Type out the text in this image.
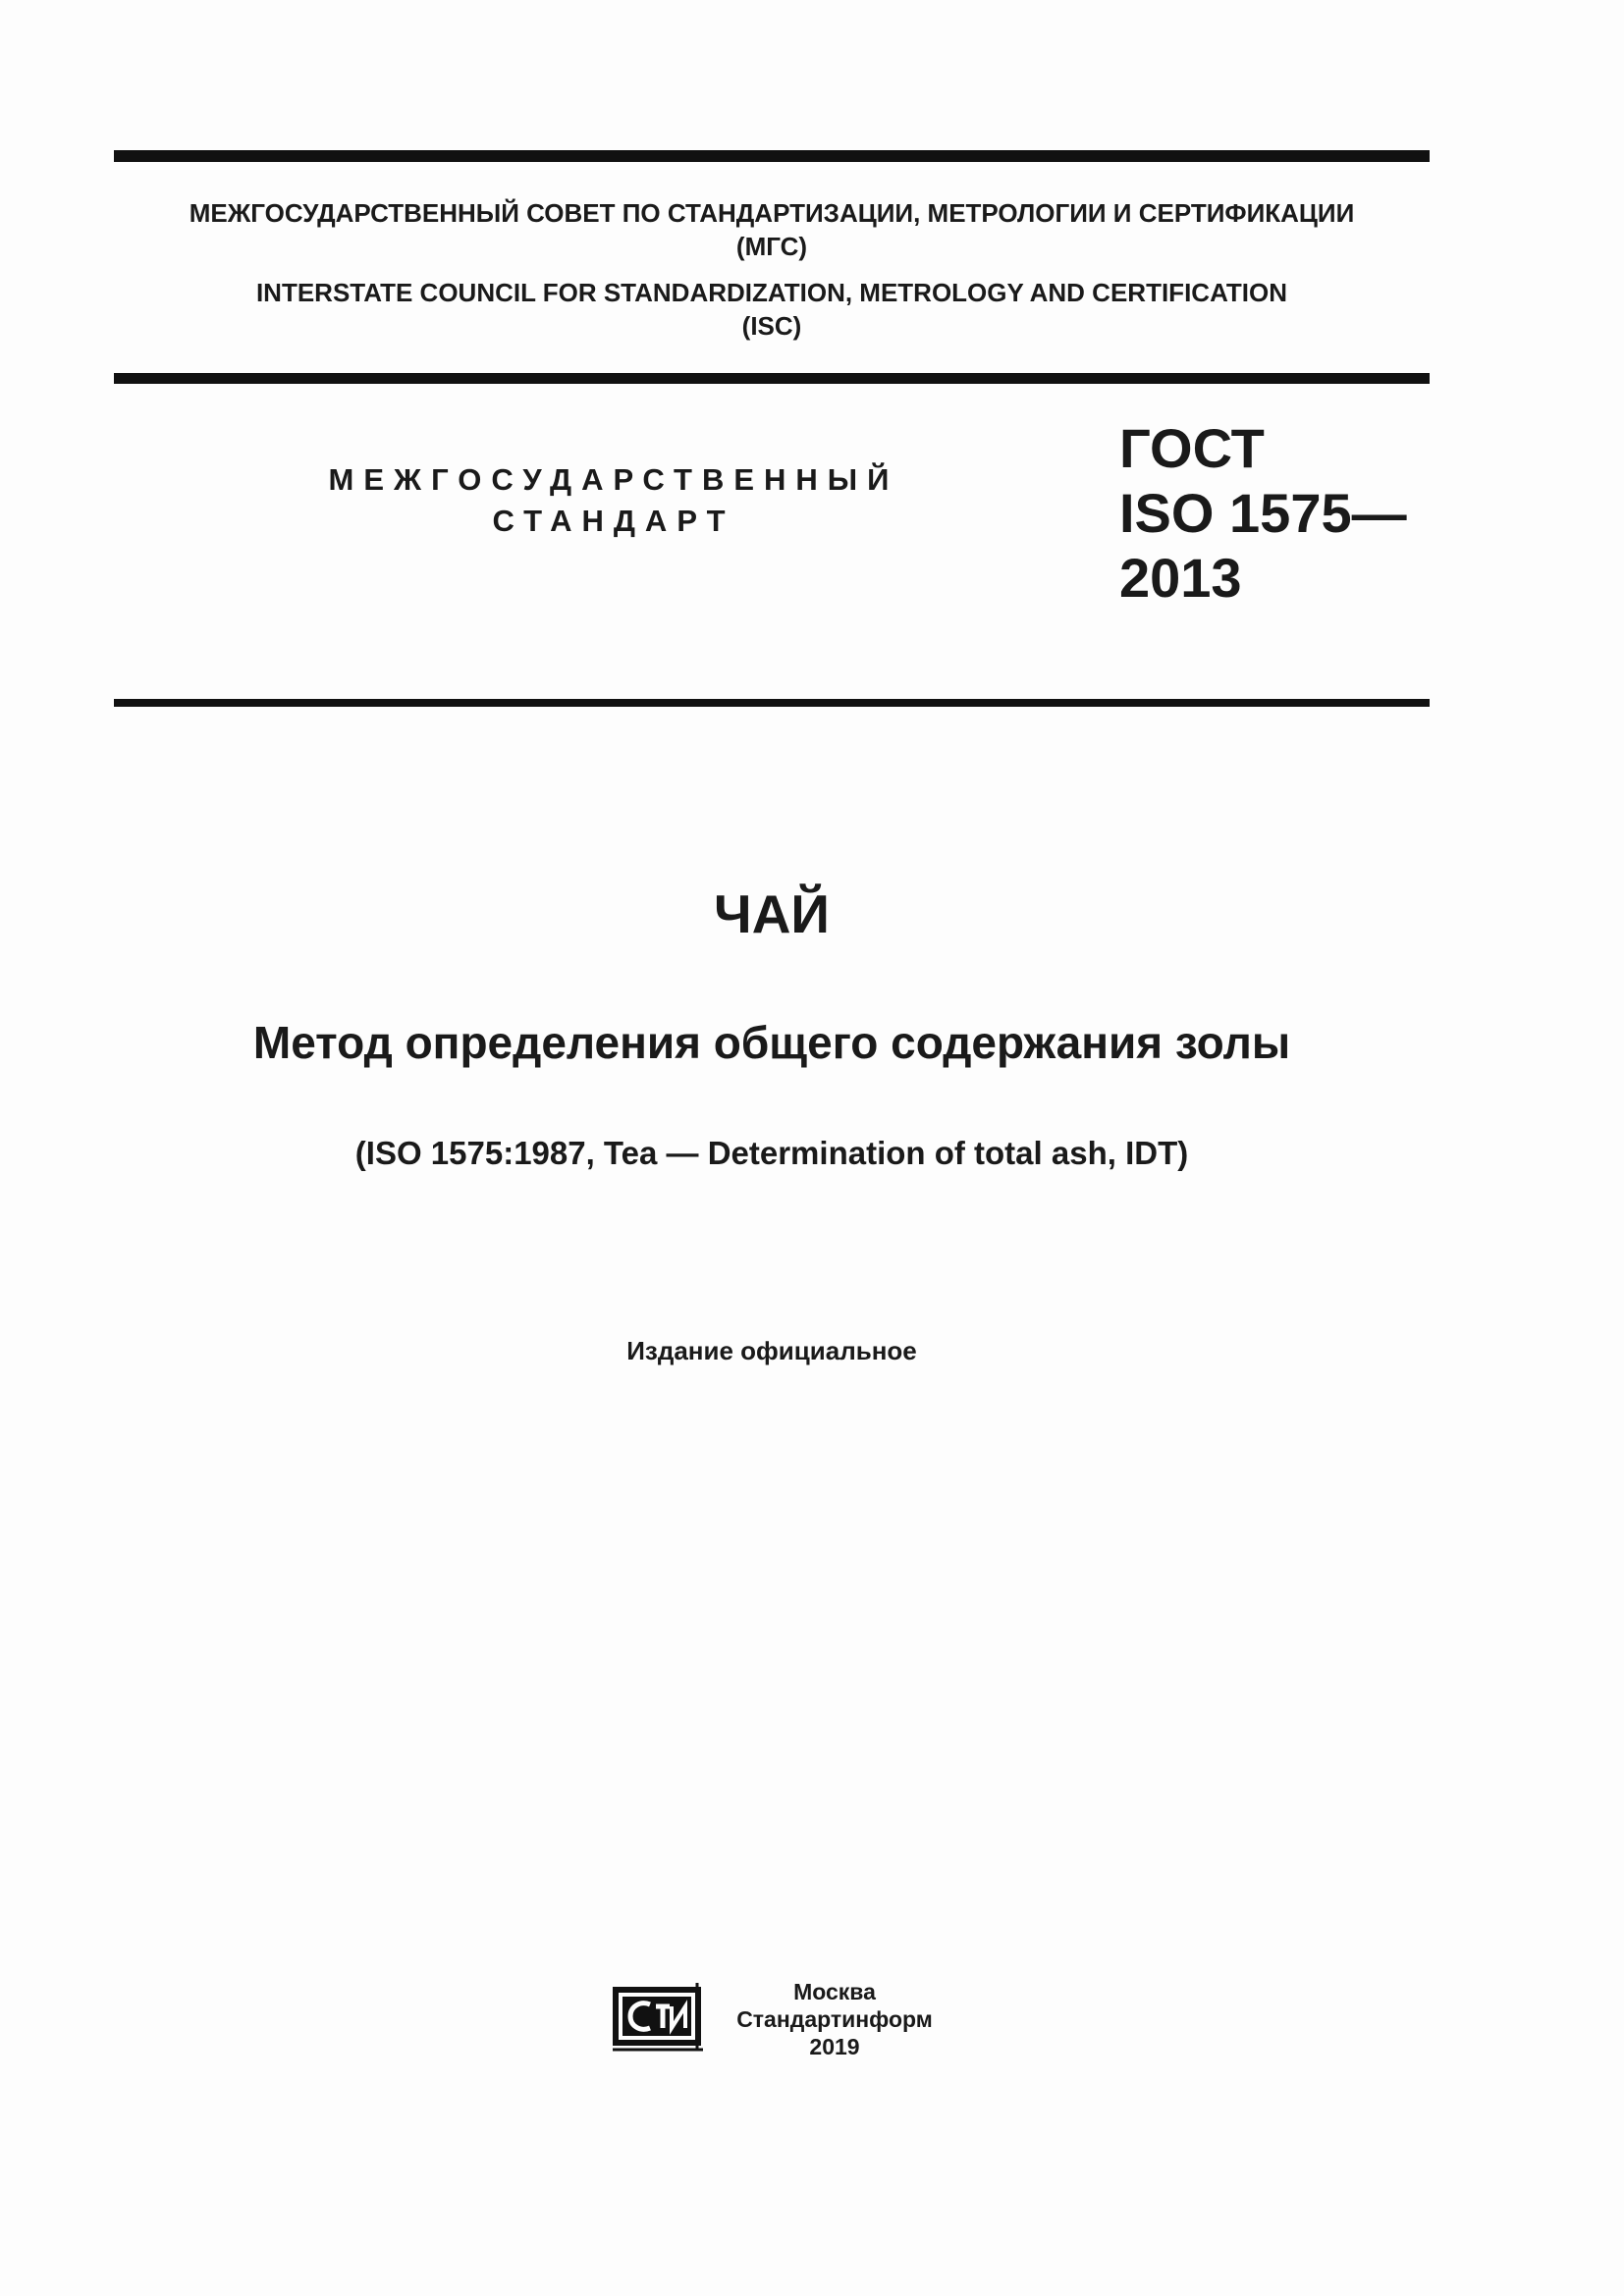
МЕЖГОСУДАРСТВЕННЫЙ СОВЕТ ПО СТАНДАРТИЗАЦИИ, МЕТРОЛОГИИ И СЕРТИФИКАЦИИ
(МГС)
INTERSTATE COUNCIL FOR STANDARDIZATION, METROLOGY AND CERTIFICATION
(ISC)
МЕЖГОСУДАРСТВЕННЫЙ
СТАНДАРТ
ГОСТ
ISO 1575—
2013
ЧАЙ
Метод определения общего содержания золы
(ISO 1575:1987, Tea — Determination of total ash, IDT)
Издание официальное
Москва
Стандартинформ
2019
